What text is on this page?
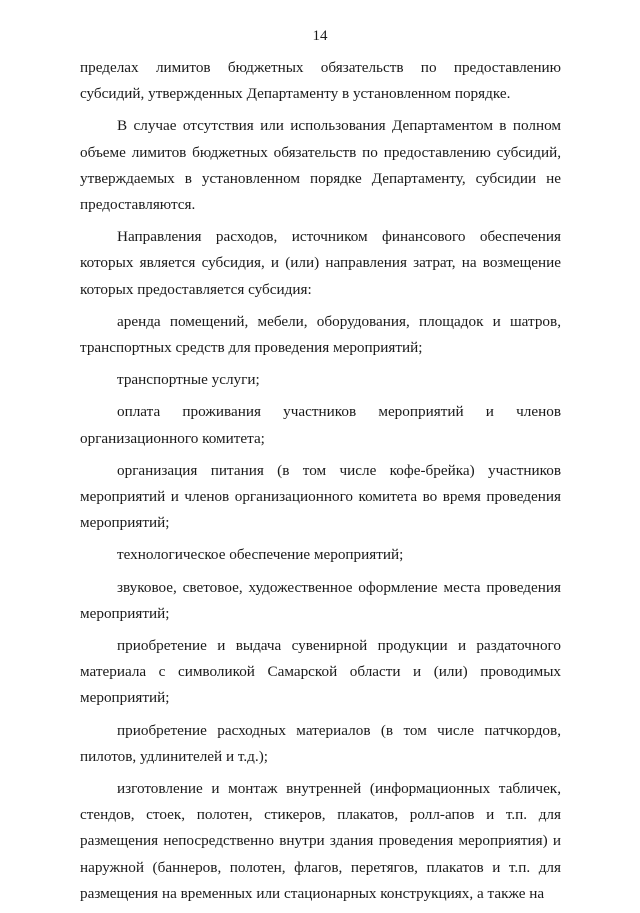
14

пределах лимитов бюджетных обязательств по предоставлению субсидий, утвержденных Департаменту в установленном порядке.

В случае отсутствия или использования Департаментом в полном объеме лимитов бюджетных обязательств по предоставлению субсидий, утверждаемых в установленном порядке Департаменту, субсидии не предоставляются.

Направления расходов, источником финансового обеспечения которых является субсидия, и (или) направления затрат, на возмещение которых предоставляется субсидия:

аренда помещений, мебели, оборудования, площадок и шатров, транспортных средств для проведения мероприятий;

транспортные услуги;

оплата проживания участников мероприятий и членов организационного комитета;

организация питания (в том числе кофе-брейка) участников мероприятий и членов организационного комитета во время проведения мероприятий;

технологическое обеспечение мероприятий;

звуковое, световое, художественное оформление места проведения мероприятий;

приобретение и выдача сувенирной продукции и раздаточного материала с символикой Самарской области и (или) проводимых мероприятий;

приобретение расходных материалов (в том числе патчкордов, пилотов, удлинителей и т.д.);

изготовление и монтаж внутренней (информационных табличек, стендов, стоек, полотен, стикеров, плакатов, ролл-апов и т.п. для размещения непосредственно внутри здания проведения мероприятия) и наружной (баннеров, полотен, флагов, перетягов, плакатов и т.п. для размещения на временных или стационарных конструкциях, а также на
